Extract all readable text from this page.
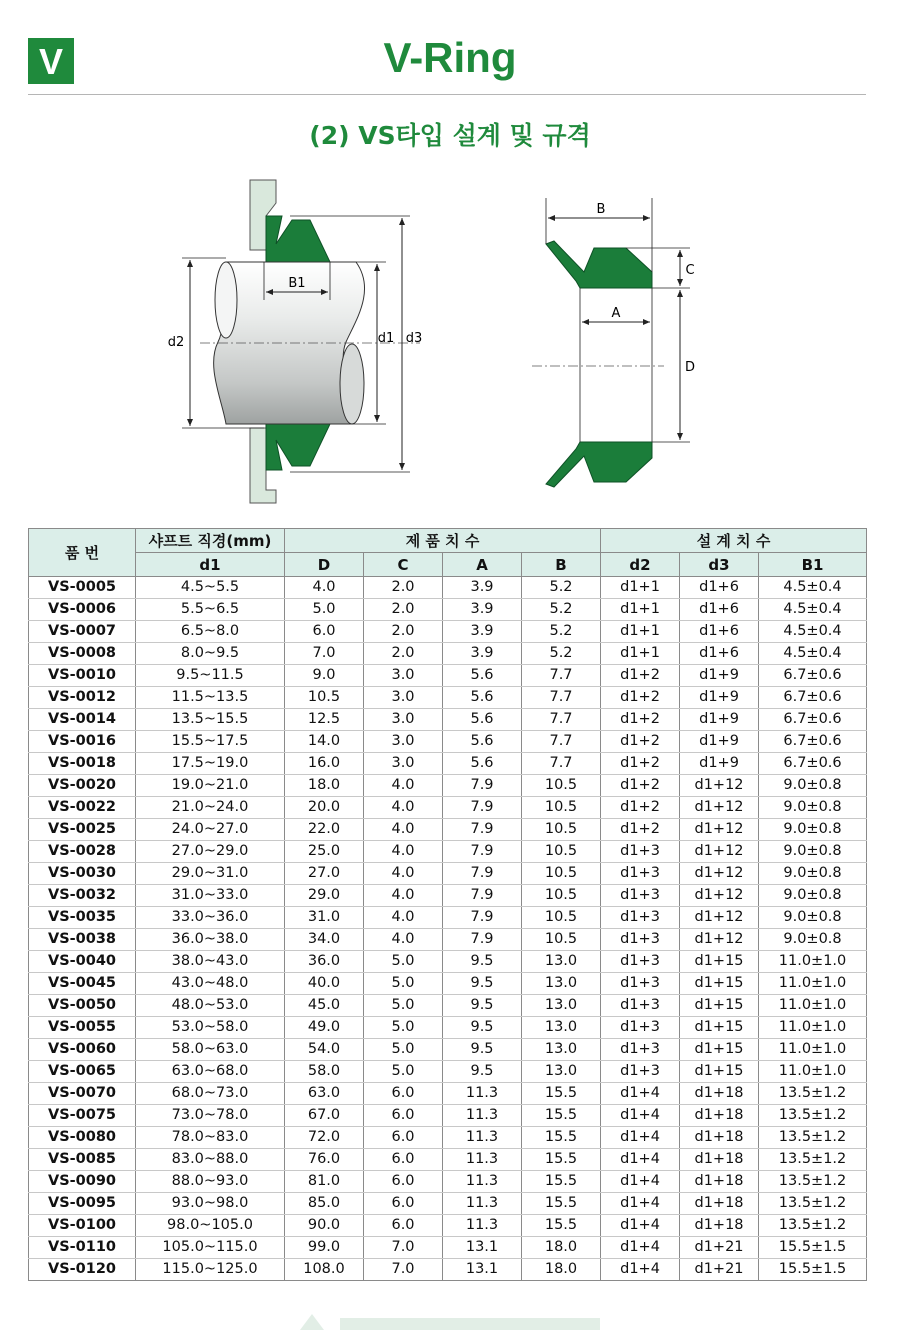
V	V-Ring
(2) VS타입 설계 및 규격
B1
d2	d1 d3
B
C
A
D
품 번	샤프트 직경(mm)	제 품 치 수				설 계 치 수		
	d1	D	C	A	B	d2	d3	B1
VS-0005	4.5~5.5	4.0	2.0	3.9	5.2	d1+1	d1+6	4.5±0.4
VS-0006	5.5~6.5	5.0	2.0	3.9	5.2	d1+1	d1+6	4.5±0.4
VS-0007	6.5~8.0	6.0	2.0	3.9	5.2	d1+1	d1+6	4.5±0.4
VS-0008	8.0~9.5	7.0	2.0	3.9	5.2	d1+1	d1+6	4.5±0.4
VS-0010	9.5~11.5	9.0	3.0	5.6	7.7	d1+2	d1+9	6.7±0.6
VS-0012	11.5~13.5	10.5	3.0	5.6	7.7	d1+2	d1+9	6.7±0.6
VS-0014	13.5~15.5	12.5	3.0	5.6	7.7	d1+2	d1+9	6.7±0.6
VS-0016	15.5~17.5	14.0	3.0	5.6	7.7	d1+2	d1+9	6.7±0.6
VS-0018	17.5~19.0	16.0	3.0	5.6	7.7	d1+2	d1+9	6.7±0.6
VS-0020	19.0~21.0	18.0	4.0	7.9	10.5	d1+2	d1+12	9.0±0.8
VS-0022	21.0~24.0	20.0	4.0	7.9	10.5	d1+2	d1+12	9.0±0.8
VS-0025	24.0~27.0	22.0	4.0	7.9	10.5	d1+2	d1+12	9.0±0.8
VS-0028	27.0~29.0	25.0	4.0	7.9	10.5	d1+3	d1+12	9.0±0.8
VS-0030	29.0~31.0	27.0	4.0	7.9	10.5	d1+3	d1+12	9.0±0.8
VS-0032	31.0~33.0	29.0	4.0	7.9	10.5	d1+3	d1+12	9.0±0.8
VS-0035	33.0~36.0	31.0	4.0	7.9	10.5	d1+3	d1+12	9.0±0.8
VS-0038	36.0~38.0	34.0	4.0	7.9	10.5	d1+3	d1+12	9.0±0.8
VS-0040	38.0~43.0	36.0	5.0	9.5	13.0	d1+3	d1+15	11.0±1.0
VS-0045	43.0~48.0	40.0	5.0	9.5	13.0	d1+3	d1+15	11.0±1.0
VS-0050	48.0~53.0	45.0	5.0	9.5	13.0	d1+3	d1+15	11.0±1.0
VS-0055	53.0~58.0	49.0	5.0	9.5	13.0	d1+3	d1+15	11.0±1.0
VS-0060	58.0~63.0	54.0	5.0	9.5	13.0	d1+3	d1+15	11.0±1.0
VS-0065	63.0~68.0	58.0	5.0	9.5	13.0	d1+3	d1+15	11.0±1.0
VS-0070	68.0~73.0	63.0	6.0	11.3	15.5	d1+4	d1+18	13.5±1.2
VS-0075	73.0~78.0	67.0	6.0	11.3	15.5	d1+4	d1+18	13.5±1.2
VS-0080	78.0~83.0	72.0	6.0	11.3	15.5	d1+4	d1+18	13.5±1.2
VS-0085	83.0~88.0	76.0	6.0	11.3	15.5	d1+4	d1+18	13.5±1.2
VS-0090	88.0~93.0	81.0	6.0	11.3	15.5	d1+4	d1+18	13.5±1.2
VS-0095	93.0~98.0	85.0	6.0	11.3	15.5	d1+4	d1+18	13.5±1.2
VS-0100	98.0~105.0	90.0	6.0	11.3	15.5	d1+4	d1+18	13.5±1.2
VS-0110	105.0~115.0	99.0	7.0	13.1	18.0	d1+4	d1+21	15.5±1.5
VS-0120	115.0~125.0	108.0	7.0	13.1	18.0	d1+4	d1+21	15.5±1.5
